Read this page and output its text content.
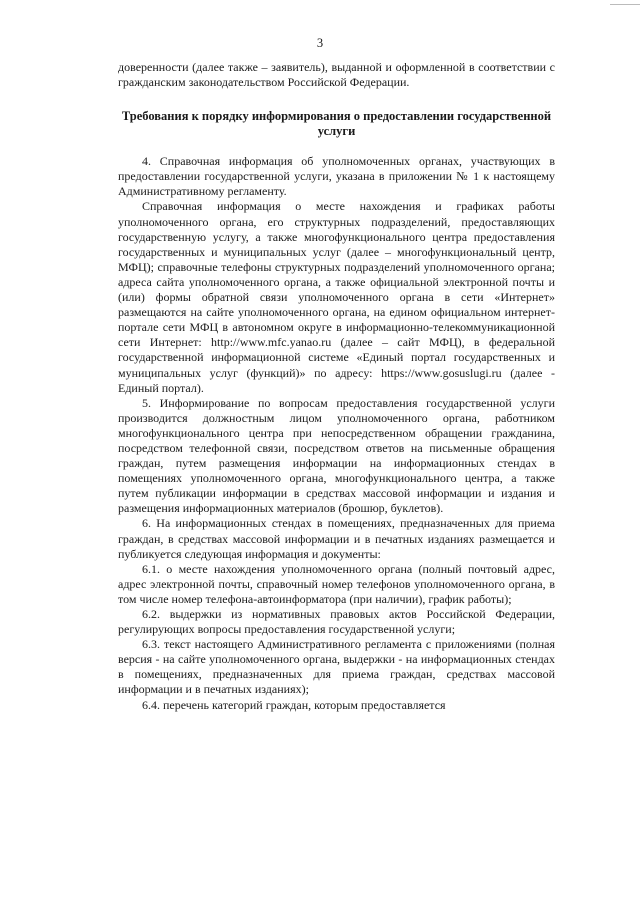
3

доверенности (далее также – заявитель), выданной и оформленной в соответствии с гражданским законодательством Российской Федерации.

Требования к порядку информирования о предоставлении государственной услуги

4. Справочная информация об уполномоченных органах, участвующих в предоставлении государственной услуги, указана в приложении № 1 к настоящему Административному регламенту.

Справочная информация о месте нахождения и графиках работы уполномоченного органа, его структурных подразделений, предоставляющих государственную услугу, а также многофункционального центра предоставления государственных и муниципальных услуг (далее – многофункциональный центр, МФЦ); справочные телефоны структурных подразделений уполномоченного органа; адреса сайта уполномоченного органа, а также официальной электронной почты и (или) формы обратной связи уполномоченного органа в сети «Интернет» размещаются на сайте уполномоченного органа, на едином официальном интернет-портале сети МФЦ в автономном округе в информационно-телекоммуникационной сети Интернет: http://www.mfc.yanao.ru (далее – сайт МФЦ), в федеральной государственной информационной системе «Единый портал государственных и муниципальных услуг (функций)» по адресу: https://www.gosuslugi.ru (далее - Единый портал).

5. Информирование по вопросам предоставления государственной услуги производится должностным лицом уполномоченного органа, работником многофункционального центра при непосредственном обращении гражданина, посредством телефонной связи, посредством ответов на письменные обращения граждан, путем размещения информации на информационных стендах в помещениях уполномоченного органа, многофункционального центра, а также путем публикации информации в средствах массовой информации и издания и размещения информационных материалов (брошюр, буклетов).

6. На информационных стендах в помещениях, предназначенных для приема граждан, в средствах массовой информации и в печатных изданиях размещается и публикуется следующая информация и документы:

6.1. о месте нахождения уполномоченного органа (полный почтовый адрес, адрес электронной почты, справочный номер телефонов уполномоченного органа, в том числе номер телефона-автоинформатора (при наличии), график работы);

6.2. выдержки из нормативных правовых актов Российской Федерации, регулирующих вопросы предоставления государственной услуги;

6.3. текст настоящего Административного регламента с приложениями (полная версия - на сайте уполномоченного органа, выдержки - на информационных стендах в помещениях, предназначенных для приема граждан, средствах массовой информации и в печатных изданиях);

6.4. перечень категорий граждан, которым предоставляется
